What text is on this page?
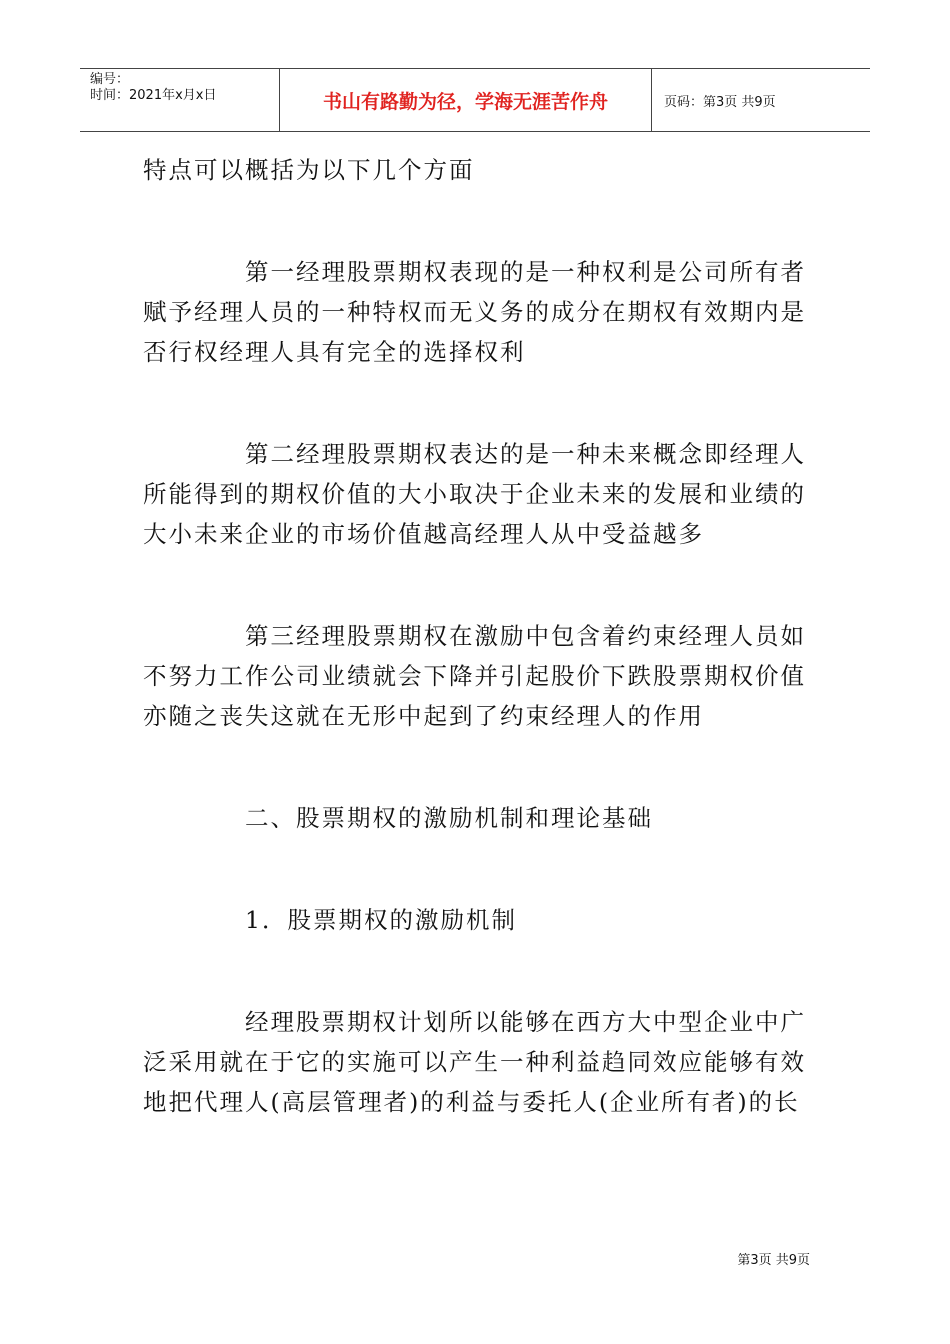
编号：
时间：2021年x月x日	书山有路勤为径，学海无涯苦作舟	页码：第3页 共9页

特点可以概括为以下几个方面

第一经理股票期权表现的是一种权利是公司所有者赋予经理人员的一种特权而无义务的成分在期权有效期内是否行权经理人具有完全的选择权利

第二经理股票期权表达的是一种未来概念即经理人所能得到的期权价值的大小取决于企业未来的发展和业绩的大小未来企业的市场价值越高经理人从中受益越多

第三经理股票期权在激励中包含着约束经理人员如不努力工作公司业绩就会下降并引起股价下跌股票期权价值亦随之丧失这就在无形中起到了约束经理人的作用

二、股票期权的激励机制和理论基础

1．股票期权的激励机制

经理股票期权计划所以能够在西方大中型企业中广泛采用就在于它的实施可以产生一种利益趋同效应能够有效地把代理人(高层管理者)的利益与委托人(企业所有者)的长

第3页 共9页
